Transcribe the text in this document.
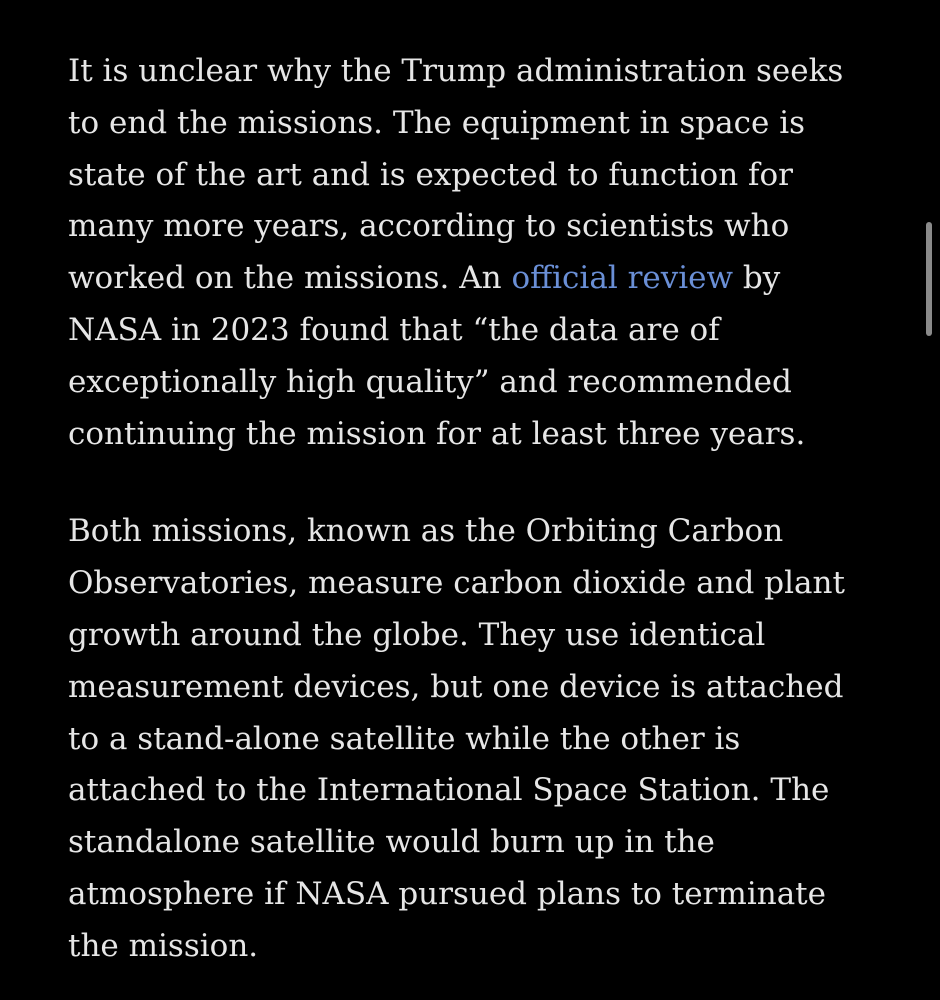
It is unclear why the Trump administration seeks to end the missions. The equipment in space is state of the art and is expected to function for many more years, according to scientists who worked on the missions. An official review by NASA in 2023 found that “the data are of exceptionally high quality” and recommended continuing the mission for at least three years.

Both missions, known as the Orbiting Carbon Observatories, measure carbon dioxide and plant growth around the globe. They use identical measurement devices, but one device is attached to a stand-alone satellite while the other is attached to the International Space Station. The standalone satellite would burn up in the atmosphere if NASA pursued plans to terminate the mission.
